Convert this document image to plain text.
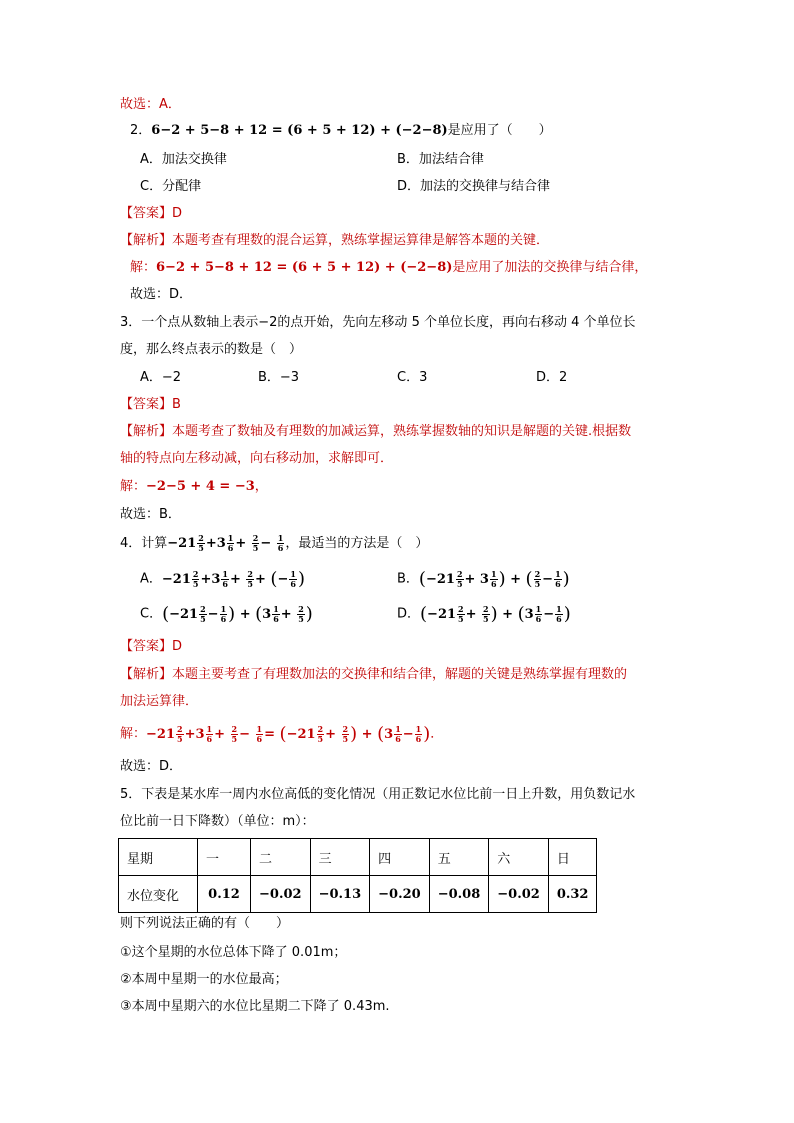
故选：A．
2．6−2 + 5−8 + 12 = (6 + 5 + 12) + (−2−8)是应用了（　　）
A．加法交换律	B．加法结合律
C．分配律	D．加法的交换律与结合律
【答案】D
【解析】本题考查有理数的混合运算，熟练掌握运算律是解答本题的关键．
解：6−2 + 5−8 + 12 = (6 + 5 + 12) + (−2−8)是应用了加法的交换律与结合律，
故选：D．
3．一个点从数轴上表示−2的点开始，先向左移动 5 个单位长度，再向右移动 4 个单位长
度，那么终点表示的数是（　）
A．−2	B．−3	C．3	D．2
【答案】B
【解析】本题考查了数轴及有理数的加减运算，熟练掌握数轴的知识是解题的关键.根据数
轴的特点向左移动减，向右移动加，求解即可．
解：−2−5 + 4 = −3，
故选：B．
4．计算$-21 \frac{2}{5} +3 \frac{1}{6} + \frac{2}{5} - \frac{1}{6}$ ，最适当的方法是（　）
A．$-21 \frac{2}{5} +3 \frac{1}{6} + \frac{2}{5}$ + (− $\frac{1}{6}$ )	B．($-21 \frac{2}{5} + 3 \frac{1}{6}$ ) + ( $\frac{2}{5} - \frac{1}{6}$ )
C．($-21 \frac{2}{5} - \frac{1}{6}$ ) + ($3 \frac{1}{6} + \frac{2}{5}$ )	D．($-21 \frac{2}{5} + \frac{2}{5}$ ) + ($3 \frac{1}{6} - \frac{1}{6}$ )
【答案】D
【解析】本题主要考查了有理数加法的交换律和结合律，解题的关键是熟练掌握有理数的
加法运算律．
解：$-21 \frac{2}{5} +3 \frac{1}{6} + \frac{2}{5} - \frac{1}{6} = (-21 \frac{2}{5} + \frac{2}{5}$ ) + ($3 \frac{1}{6} - \frac{1}{6}$ )．
故选：D．
5．下表是某水库一周内水位高低的变化情况（用正数记水位比前一日上升数，用负数记水
位比前一日下降数）（单位：m）：
星期	一	二	三	四	五	六	日
水位变化	0.12	−0.02	−0.13	−0.20	−0.08	−0.02	0.32
则下列说法正确的有（　　）
①这个星期的水位总体下降了 0.01m；
②本周中星期一的水位最高；
③本周中星期六的水位比星期二下降了 0.43m.
